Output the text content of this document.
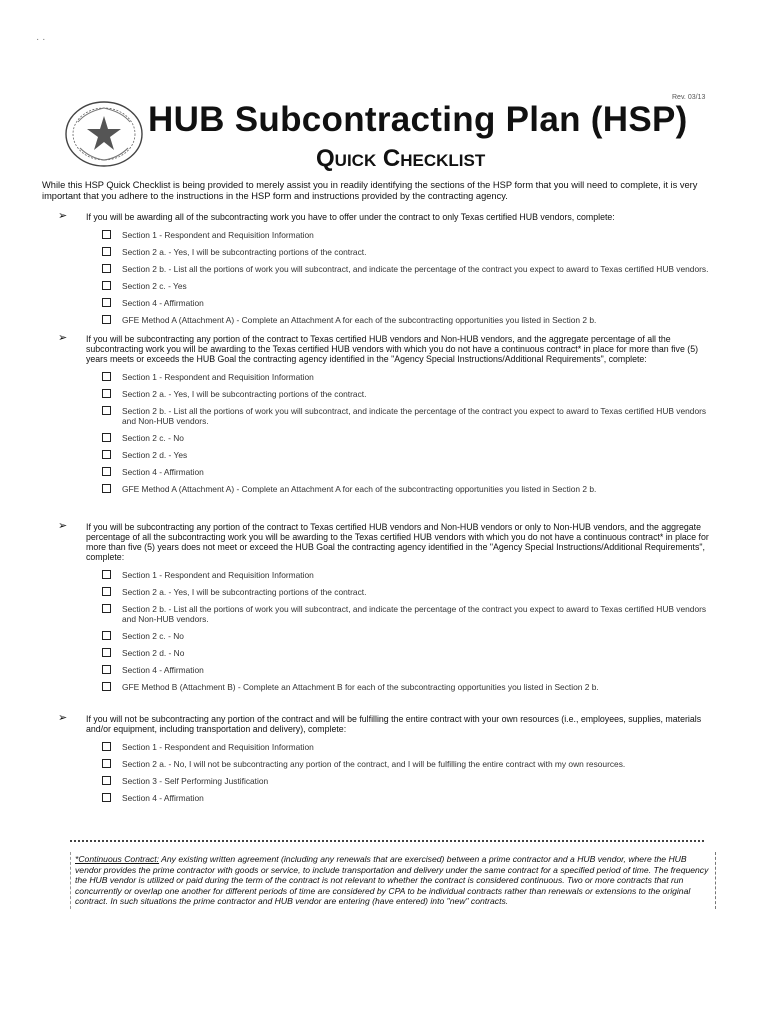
· ·
Rev. 03/13
HUB Subcontracting Plan (HSP)
Quick Checklist
While this HSP Quick Checklist is being provided to merely assist you in readily identifying the sections of the HSP form that you will need to complete, it is very important that you adhere to the instructions in the HSP form and instructions provided by the contracting agency.
➢ If you will be awarding all of the subcontracting work you have to offer under the contract to only Texas certified HUB vendors, complete:
Section 1 - Respondent and Requisition Information
Section 2 a. - Yes, I will be subcontracting portions of the contract.
Section 2 b. - List all the portions of work you will subcontract, and indicate the percentage of the contract you expect to award to Texas certified HUB vendors.
Section 2 c. - Yes
Section 4 - Affirmation
GFE Method A (Attachment A) - Complete an Attachment A for each of the subcontracting opportunities you listed in Section 2 b.
➢ If you will be subcontracting any portion of the contract to Texas certified HUB vendors and Non-HUB vendors, and the aggregate percentage of all the subcontracting work you will be awarding to the Texas certified HUB vendors with which you do not have a continuous contract* in place for more than five (5) years meets or exceeds the HUB Goal the contracting agency identified in the "Agency Special Instructions/Additional Requirements", complete:
Section 1 - Respondent and Requisition Information
Section 2 a. - Yes, I will be subcontracting portions of the contract.
Section 2 b. - List all the portions of work you will subcontract, and indicate the percentage of the contract you expect to award to Texas certified HUB vendors and Non-HUB vendors.
Section 2 c. - No
Section 2 d. - Yes
Section 4 - Affirmation
GFE Method A (Attachment A) - Complete an Attachment A for each of the subcontracting opportunities you listed in Section 2 b.
➢ If you will be subcontracting any portion of the contract to Texas certified HUB vendors and Non-HUB vendors or only to Non-HUB vendors, and the aggregate percentage of all the subcontracting work you will be awarding to the Texas certified HUB vendors with which you do not have a continuous contract* in place for more than five (5) years does not meet or exceed the HUB Goal the contracting agency identified in the "Agency Special Instructions/Additional Requirements", complete:
Section 1 - Respondent and Requisition Information
Section 2 a. - Yes, I will be subcontracting portions of the contract.
Section 2 b. - List all the portions of work you will subcontract, and indicate the percentage of the contract you expect to award to Texas certified HUB vendors and Non-HUB vendors.
Section 2 c. - No
Section 2 d. - No
Section 4 - Affirmation
GFE Method B (Attachment B) - Complete an Attachment B for each of the subcontracting opportunities you listed in Section 2 b.
➢ If you will not be subcontracting any portion of the contract and will be fulfilling the entire contract with your own resources (i.e., employees, supplies, materials and/or equipment, including transportation and delivery), complete:
Section 1 - Respondent and Requisition Information
Section 2 a. - No, I will not be subcontracting any portion of the contract, and I will be fulfilling the entire contract with my own resources.
Section 3 - Self Performing Justification
Section 4 - Affirmation
*Continuous Contract: Any existing written agreement (including any renewals that are exercised) between a prime contractor and a HUB vendor, where the HUB vendor provides the prime contractor with goods or service, to include transportation and delivery under the same contract for a specified period of time. The frequency the HUB vendor is utilized or paid during the term of the contract is not relevant to whether the contract is considered continuous. Two or more contracts that run concurrently or overlap one another for different periods of time are considered by CPA to be individual contracts rather than renewals or extensions to the original contract. In such situations the prime contractor and HUB vendor are entering (have entered) into "new" contracts.
